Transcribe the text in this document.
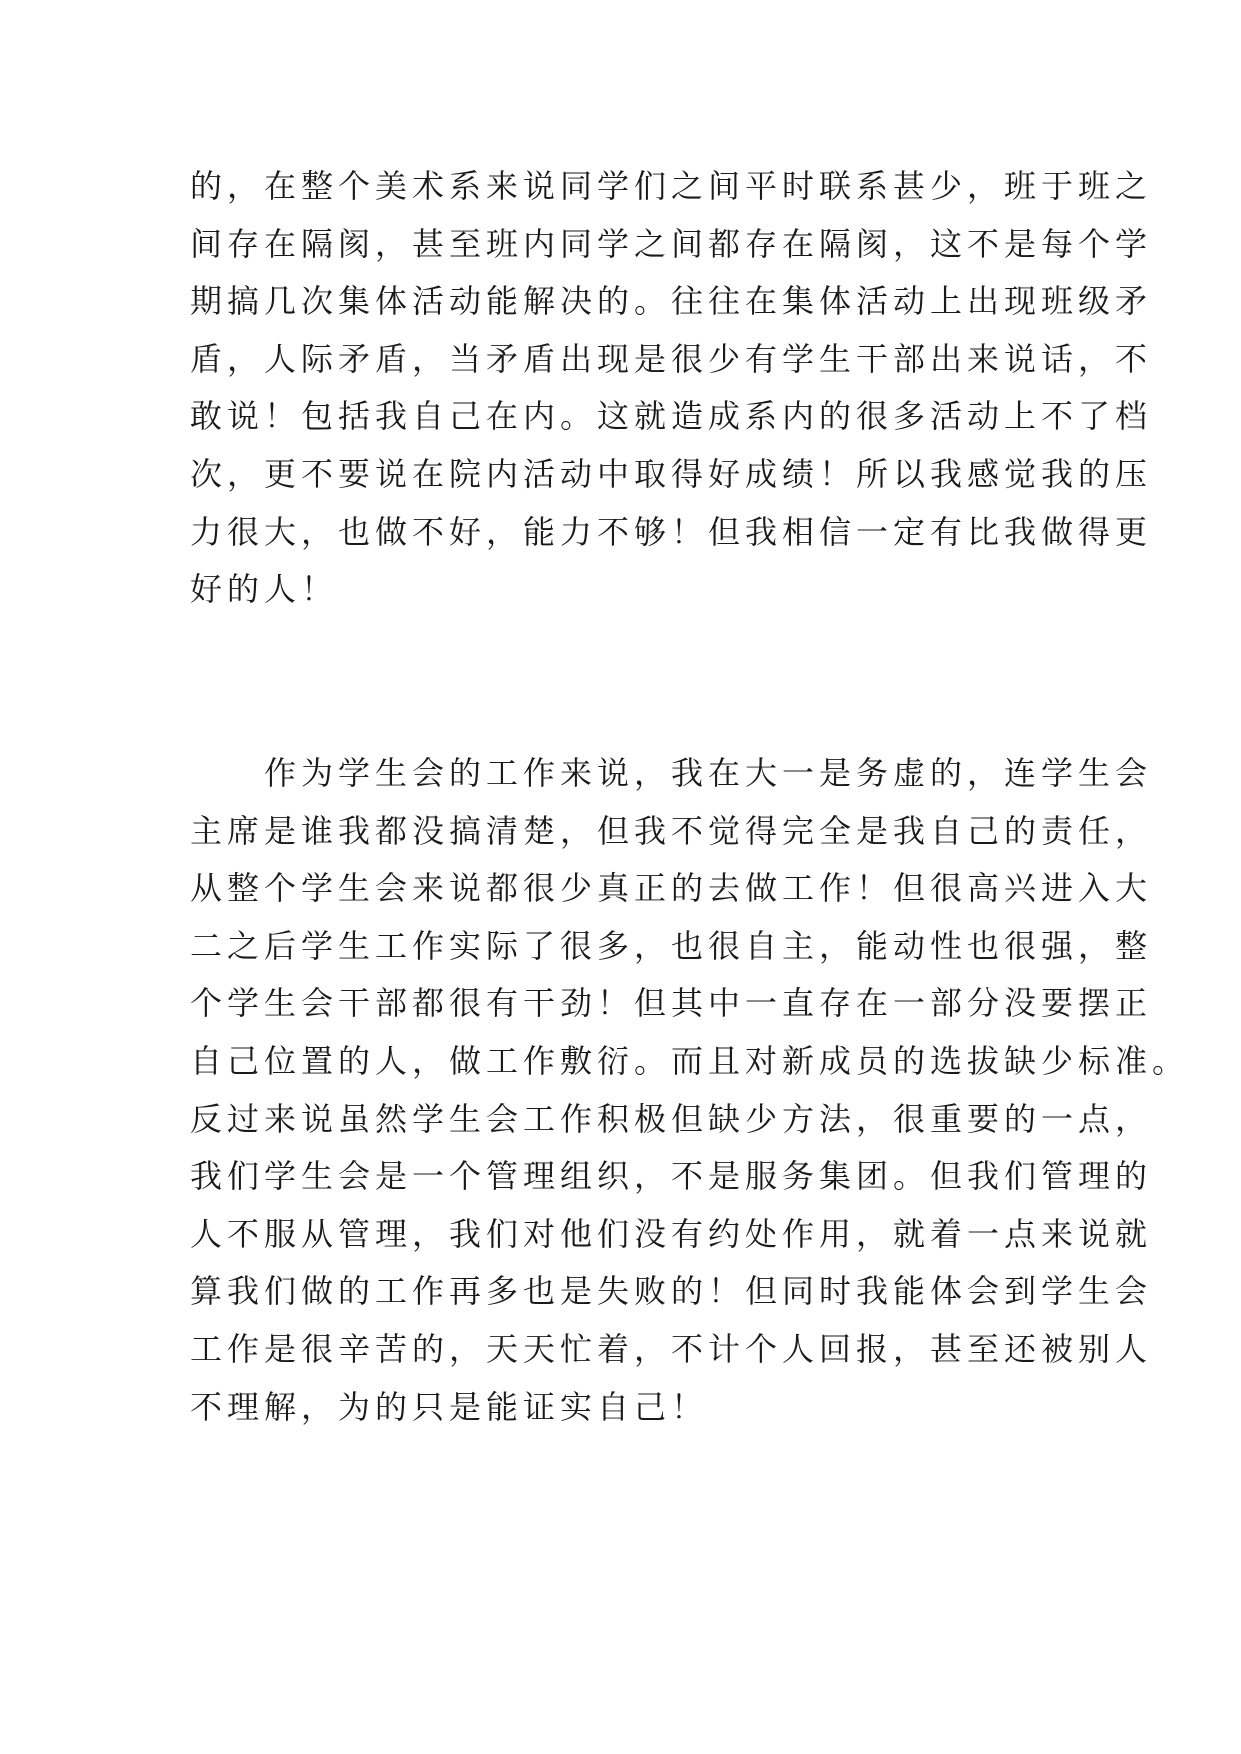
的，在整个美术系来说同学们之间平时联系甚少，班于班之
间存在隔阂，甚至班内同学之间都存在隔阂，这不是每个学
期搞几次集体活动能解决的。往往在集体活动上出现班级矛
盾，人际矛盾，当矛盾出现是很少有学生干部出来说话，不
敢说！包括我自己在内。这就造成系内的很多活动上不了档
次，更不要说在院内活动中取得好成绩！所以我感觉我的压
力很大，也做不好，能力不够！但我相信一定有比我做得更
好的人！
　　作为学生会的工作来说，我在大一是务虚的，连学生会
主席是谁我都没搞清楚，但我不觉得完全是我自己的责任，
从整个学生会来说都很少真正的去做工作！但很高兴进入大
二之后学生工作实际了很多，也很自主，能动性也很强，整
个学生会干部都很有干劲！但其中一直存在一部分没要摆正
自己位置的人，做工作敷衍。而且对新成员的选拔缺少标准。
反过来说虽然学生会工作积极但缺少方法，很重要的一点，
我们学生会是一个管理组织，不是服务集团。但我们管理的
人不服从管理，我们对他们没有约处作用，就着一点来说就
算我们做的工作再多也是失败的！但同时我能体会到学生会
工作是很辛苦的，天天忙着，不计个人回报，甚至还被别人
不理解，为的只是能证实自己！
